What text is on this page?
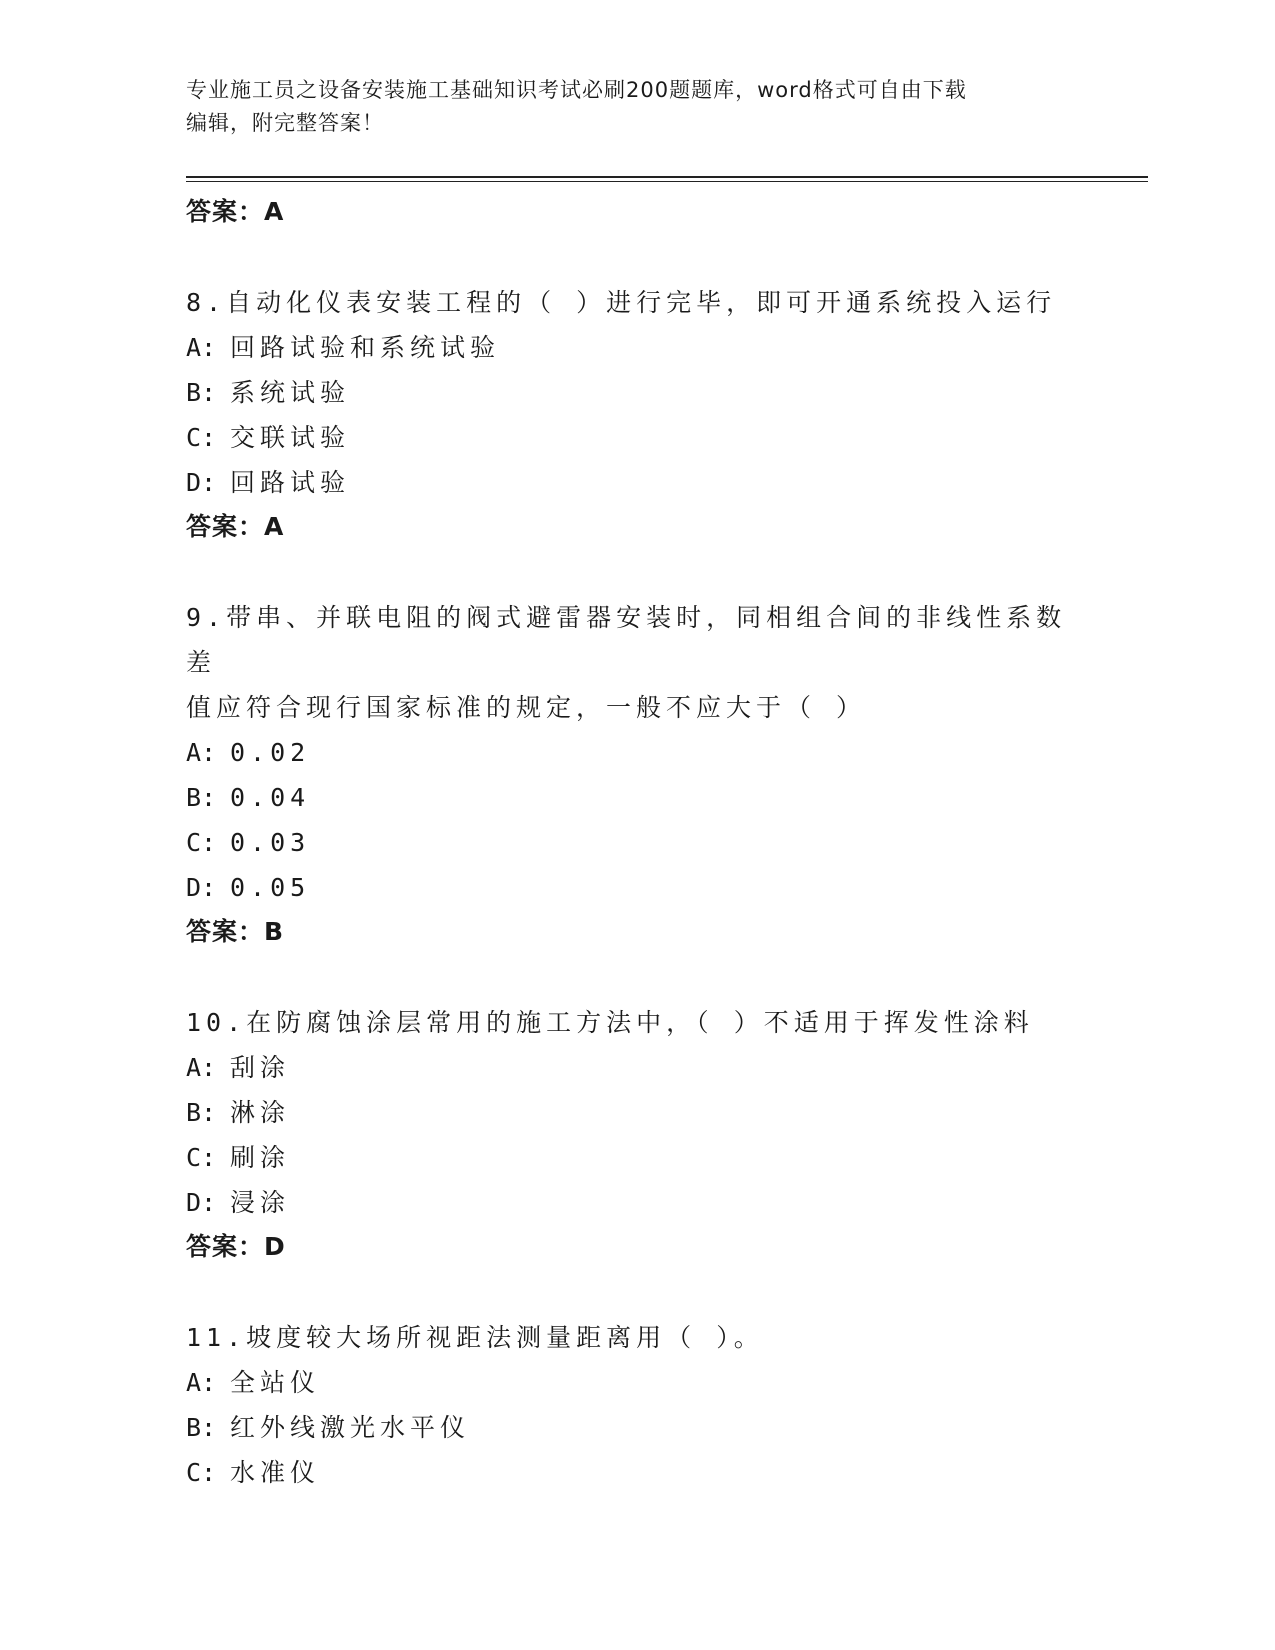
专业施工员之设备安装施工基础知识考试必刷200题题库，word格式可自由下载
编辑，附完整答案！
答案：A
8.自动化仪表安装工程的（ ）进行完毕，即可开通系统投入运行
A: 回路试验和系统试验
B: 系统试验
C: 交联试验
D: 回路试验
答案：A
9.带串、并联电阻的阀式避雷器安装时，同相组合间的非线性系数差
值应符合现行国家标准的规定，一般不应大于（ ）
A: 0.02
B: 0.04
C: 0.03
D: 0.05
答案：B
10.在防腐蚀涂层常用的施工方法中，（ ）不适用于挥发性涂料
A: 刮涂
B: 淋涂
C: 刷涂
D: 浸涂
答案：D
11.坡度较大场所视距法测量距离用（ ）。
A: 全站仪
B: 红外线激光水平仪
C: 水准仪
